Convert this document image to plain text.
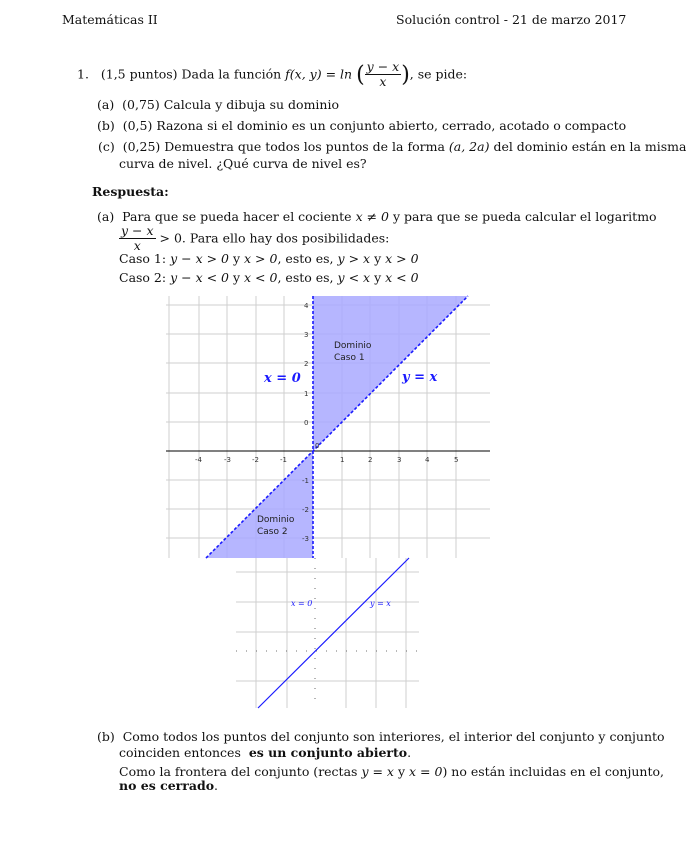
Matemáticas II	Solución control - 21 de marzo 2017
1. (1,5 puntos) Dada la función f(x, y) = ln ( $\frac{y - x}{x}$ ), se pide:
(a) (0,75) Calcula y dibuja su dominio
(b) (0,5) Razona si el dominio es un conjunto abierto, cerrado, acotado o compacto
(c) (0,25) Demuestra que todos los puntos de la forma (a, 2a) del dominio están en la misma
curva de nivel. ¿Qué curva de nivel es?
Respuesta:
(a) Para que se pueda hacer el cociente x ≠ 0 y para que se pueda calcular el logaritmo
$\frac{y - x}{x} > 0$. Para ello hay dos posibilidades:
Caso 1: y − x > 0 y x > 0, esto es, y > x y x > 0
Caso 2: y − x < 0 y x < 0, esto es, y < x y x < 0
-4	-3	-2	-1
0
1	2	3	4	5
4
3
2
1
0
-1
-2
-3
x = 0	y = x
Dominio
Caso 1
Dominio
Caso 2
x = 0	y = x
(b) Como todos los puntos del conjunto son interiores, el interior del conjunto y conjunto
coinciden entonces es un conjunto abierto.
Como la frontera del conjunto (rectas y = x y x = 0) no están incluidas en el conjunto,
no es cerrado.
